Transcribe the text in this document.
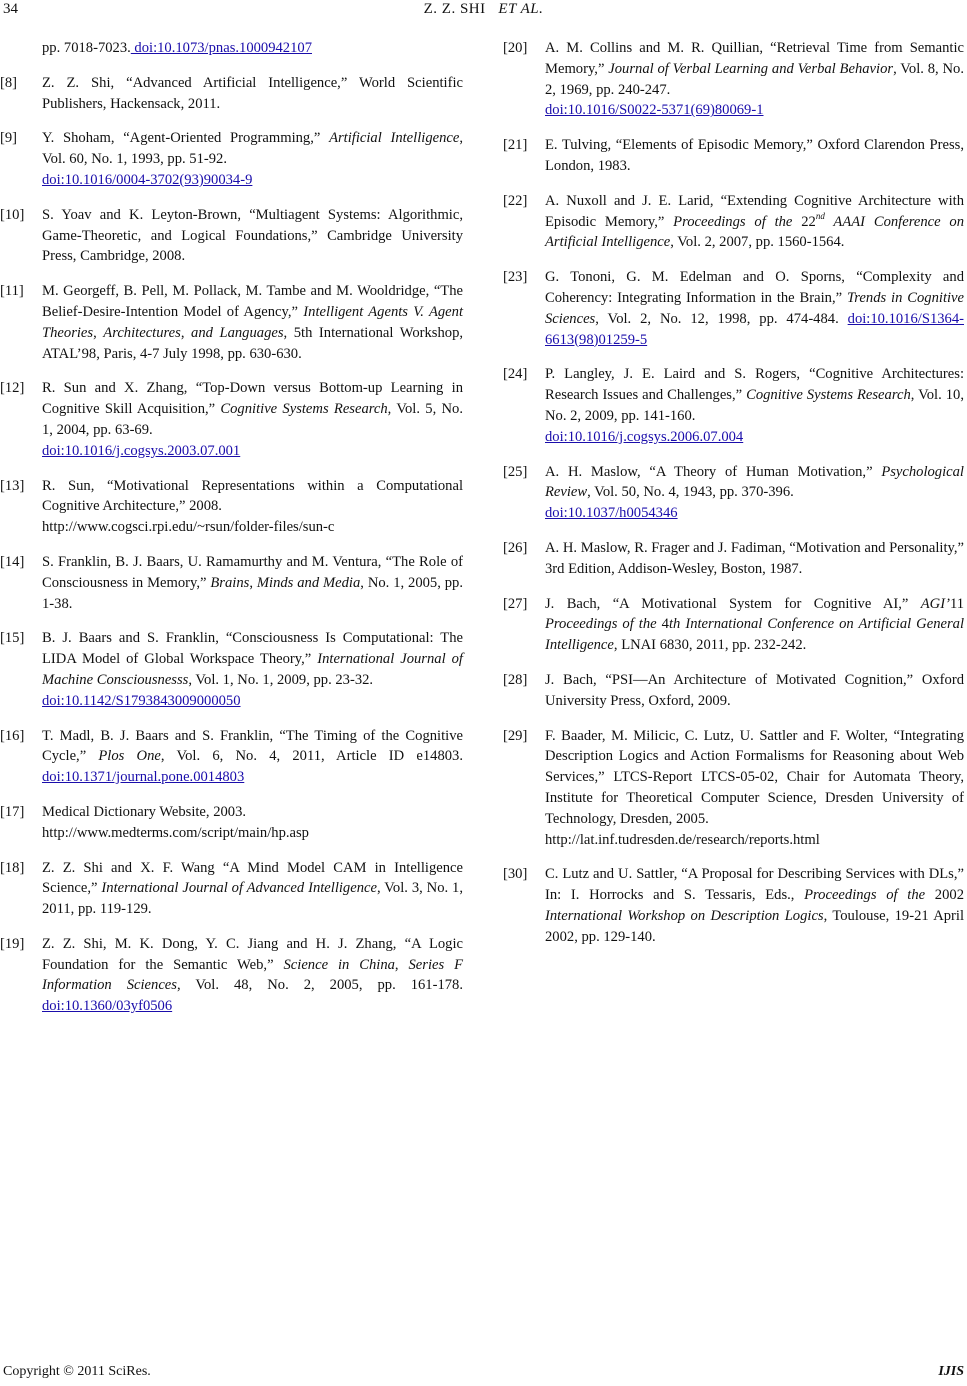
34	Z. Z. SHI ET AL.
pp. 7018-7023. doi:10.1073/pnas.1000942107
[8] Z. Z. Shi, “Advanced Artificial Intelligence,” World Scientific Publishers, Hackensack, 2011.
[9] Y. Shoham, “Agent-Oriented Programming,” Artificial Intelligence, Vol. 60, No. 1, 1993, pp. 51-92.
doi:10.1016/0004-3702(93)90034-9
[10] S. Yoav and K. Leyton-Brown, “Multiagent Systems: Algorithmic, Game-Theoretic, and Logical Foundations,” Cambridge University Press, Cambridge, 2008.
[11] M. Georgeff, B. Pell, M. Pollack, M. Tambe and M. Wooldridge, “The Belief-Desire-Intention Model of Agency,” Intelligent Agents V. Agent Theories, Architectures, and Languages, 5th International Workshop, ATAL’98, Paris, 4-7 July 1998, pp. 630-630.
[12] R. Sun and X. Zhang, “Top-Down versus Bottom-up Learning in Cognitive Skill Acquisition,” Cognitive Systems Research, Vol. 5, No. 1, 2004, pp. 63-69.
doi:10.1016/j.cogsys.2003.07.001
[13] R. Sun, “Motivational Representations within a Computational Cognitive Architecture,” 2008.
http://www.cogsci.rpi.edu/~rsun/folder-files/sun-c
[14] S. Franklin, B. J. Baars, U. Ramamurthy and M. Ventura, “The Role of Consciousness in Memory,” Brains, Minds and Media, No. 1, 2005, pp. 1-38.
[15] B. J. Baars and S. Franklin, “Consciousness Is Computational: The LIDA Model of Global Workspace Theory,” International Journal of Machine Consciousnesss, Vol. 1, No. 1, 2009, pp. 23-32.
doi:10.1142/S1793843009000050
[16] T. Madl, B. J. Baars and S. Franklin, “The Timing of the Cognitive Cycle,” Plos One, Vol. 6, No. 4, 2011, Article ID e14803. doi:10.1371/journal.pone.0014803
[17] Medical Dictionary Website, 2003.
http://www.medterms.com/script/main/hp.asp
[18] Z. Z. Shi and X. F. Wang “A Mind Model CAM in Intelligence Science,” International Journal of Advanced Intelligence, Vol. 3, No. 1, 2011, pp. 119-129.
[19] Z. Z. Shi, M. K. Dong, Y. C. Jiang and H. J. Zhang, “A Logic Foundation for the Semantic Web,” Science in China, Series F Information Sciences, Vol. 48, No. 2, 2005, pp. 161-178. doi:10.1360/03yf0506
[20] A. M. Collins and M. R. Quillian, “Retrieval Time from Semantic Memory,” Journal of Verbal Learning and Verbal Behavior, Vol. 8, No. 2, 1969, pp. 240-247.
doi:10.1016/S0022-5371(69)80069-1
[21] E. Tulving, “Elements of Episodic Memory,” Oxford Clarendon Press, London, 1983.
[22] A. Nuxoll and J. E. Larid, “Extending Cognitive Architecture with Episodic Memory,” Proceedings of the 22nd AAAI Conference on Artificial Intelligence, Vol. 2, 2007, pp. 1560-1564.
[23] G. Tononi, G. M. Edelman and O. Sporns, “Complexity and Coherency: Integrating Information in the Brain,” Trends in Cognitive Sciences, Vol. 2, No. 12, 1998, pp. 474-484. doi:10.1016/S1364-6613(98)01259-5
[24] P. Langley, J. E. Laird and S. Rogers, “Cognitive Architectures: Research Issues and Challenges,” Cognitive Systems Research, Vol. 10, No. 2, 2009, pp. 141-160.
doi:10.1016/j.cogsys.2006.07.004
[25] A. H. Maslow, “A Theory of Human Motivation,” Psychological Review, Vol. 50, No. 4, 1943, pp. 370-396.
doi:10.1037/h0054346
[26] A. H. Maslow, R. Frager and J. Fadiman, “Motivation and Personality,” 3rd Edition, Addison-Wesley, Boston, 1987.
[27] J. Bach, “A Motivational System for Cognitive AI,” AGI’11 Proceedings of the 4th International Conference on Artificial General Intelligence, LNAI 6830, 2011, pp. 232-242.
[28] J. Bach, “PSI—An Architecture of Motivated Cognition,” Oxford University Press, Oxford, 2009.
[29] F. Baader, M. Milicic, C. Lutz, U. Sattler and F. Wolter, “Integrating Description Logics and Action Formalisms for Reasoning about Web Services,” LTCS-Report LTCS-05-02, Chair for Automata Theory, Institute for Theoretical Computer Science, Dresden University of Technology, Dresden, 2005.
http://lat.inf.tudresden.de/research/reports.html
[30] C. Lutz and U. Sattler, “A Proposal for Describing Services with DLs,” In: I. Horrocks and S. Tessaris, Eds., Proceedings of the 2002 International Workshop on Description Logics, Toulouse, 19-21 April 2002, pp. 129-140.
Copyright © 2011 SciRes.	IJIS
